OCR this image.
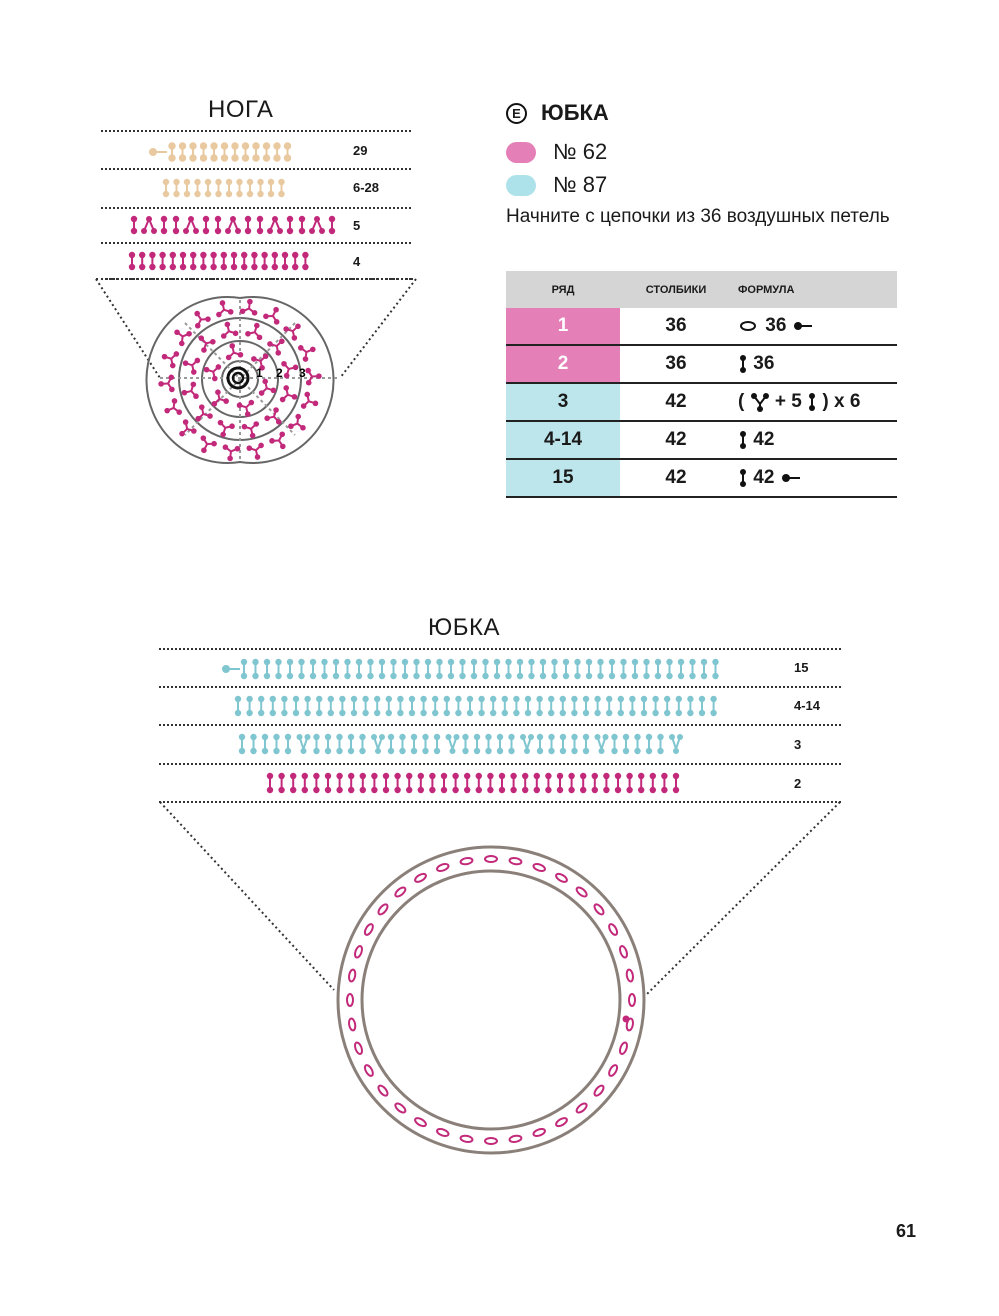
НОГА
29
6-28
5
4
1 2 3
E ЮБКА
№ 62
№ 87
Начните с цепочки из 36 воздушных петель
РЯД	СТОЛБИКИ	ФОРМУЛА
1	36	36
2	36	36
3	42	( + 5 ) x 6
4-14	42	42
15	42	42
ЮБКА
15
4-14
3
2
61
